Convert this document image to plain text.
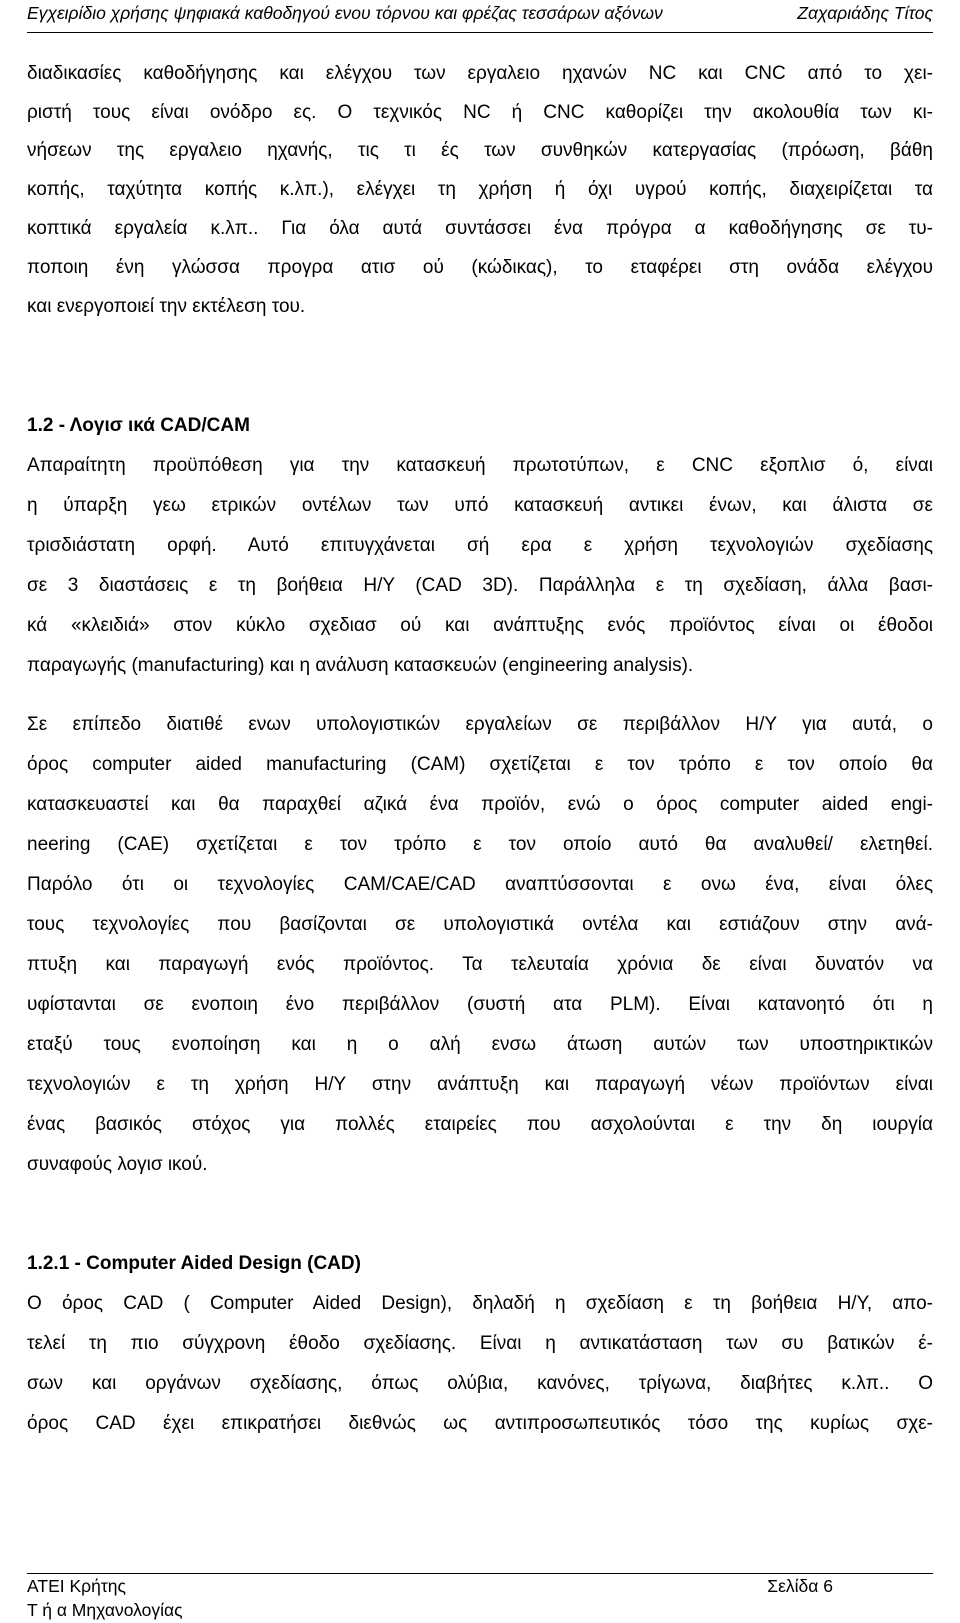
Εγχειρίδιο χρήσης ψηφιακά καθοδηγού ενου τόρνου και φρέζας τεσσάρων αξόνων	Ζαχαριάδης Τίτος
διαδικασίες καθοδήγησης και ελέγχου των εργαλειο ηχανών NC και CNC από το χει-
ριστή τους είναι ονόδρο ες. Ο τεχνικός NC ή CNC καθορίζει την ακολουθία των κι-
νήσεων της εργαλειο ηχανής, τις τι ές των συνθηκών κατεργασίας (πρόωση, βάθη
κοπής, ταχύτητα κοπής κ.λπ.), ελέγχει τη χρήση ή όχι υγρού κοπής, διαχειρίζεται τα
κοπτικά εργαλεία κ.λπ.. Για όλα αυτά συντάσσει ένα πρόγρα α καθοδήγησης σε τυ-
ποποιη ένη γλώσσα προγρα ατισ ού (κώδικας), το εταφέρει στη ονάδα ελέγχου
και ενεργοποιεί την εκτέλεση του.
1.2 - Λογισ ικά CAD/CAM
Απαραίτητη προϋπόθεση για την κατασκευή πρωτοτύπων, ε CNC εξοπλισ ό, είναι
η ύπαρξη γεω ετρικών οντέλων των υπό κατασκευή αντικει ένων, και άλιστα σε
τρισδιάστατη ορφή. Αυτό επιτυγχάνεται σή ερα ε χρήση τεχνολογιών σχεδίασης
σε 3 διαστάσεις ε τη βοήθεια Η/Υ (CAD 3D). Παράλληλα ε τη σχεδίαση, άλλα βασι-
κά «κλειδιά» στον κύκλο σχεδιασ ού και ανάπτυξης ενός προϊόντος είναι οι έθοδοι
παραγωγής (manufacturing) και η ανάλυση κατασκευών (engineering analysis).
Σε επίπεδο διατιθέ ενων υπολογιστικών εργαλείων σε περιβάλλον Η/Υ για αυτά, ο
όρος computer aided manufacturing (CAM) σχετίζεται ε τον τρόπο ε τον οποίο θα
κατασκευαστεί και θα παραχθεί αζικά ένα προϊόν, ενώ ο όρος computer aided engi-
neering (CAE) σχετίζεται ε τον τρόπο ε τον οποίο αυτό θα αναλυθεί/ ελετηθεί.
Παρόλο ότι οι τεχνολογίες CAM/CAE/CAD αναπτύσσονται ε ονω ένα, είναι όλες
τους τεχνολογίες που βασίζονται σε υπολογιστικά οντέλα και εστιάζουν στην ανά-
πτυξη και παραγωγή ενός προϊόντος. Τα τελευταία χρόνια δε είναι δυνατόν να
υφίστανται σε ενοποιη ένο περιβάλλον (συστή ατα PLM). Είναι κατανοητό ότι η
εταξύ τους ενοποίηση και η ο αλή ενσω άτωση αυτών των υποστηρικτικών
τεχνολογιών ε τη χρήση Η/Υ στην ανάπτυξη και παραγωγή νέων προϊόντων είναι
ένας βασικός στόχος για πολλές εταιρείες που ασχολούνται ε την δη ιουργία
συναφούς λογισ ικού.
1.2.1 - Computer Aided Design (CAD)
Ο όρος CAD ( Computer Aided Design), δηλαδή η σχεδίαση ε τη βοήθεια Η/Υ, απο-
τελεί τη πιο σύγχρονη έθοδο σχεδίασης. Είναι η αντικατάσταση των συ βατικών έ-
σων και οργάνων σχεδίασης, όπως ολύβια, κανόνες, τρίγωνα, διαβήτες κ.λπ.. Ο
όρος CAD έχει επικρατήσει διεθνώς ως αντιπροσωπευτικός τόσο της κυρίως σχε-
ΑΤΕΙ Κρήτης
Τ ή α Μηχανολογίας
Σελίδα 6
